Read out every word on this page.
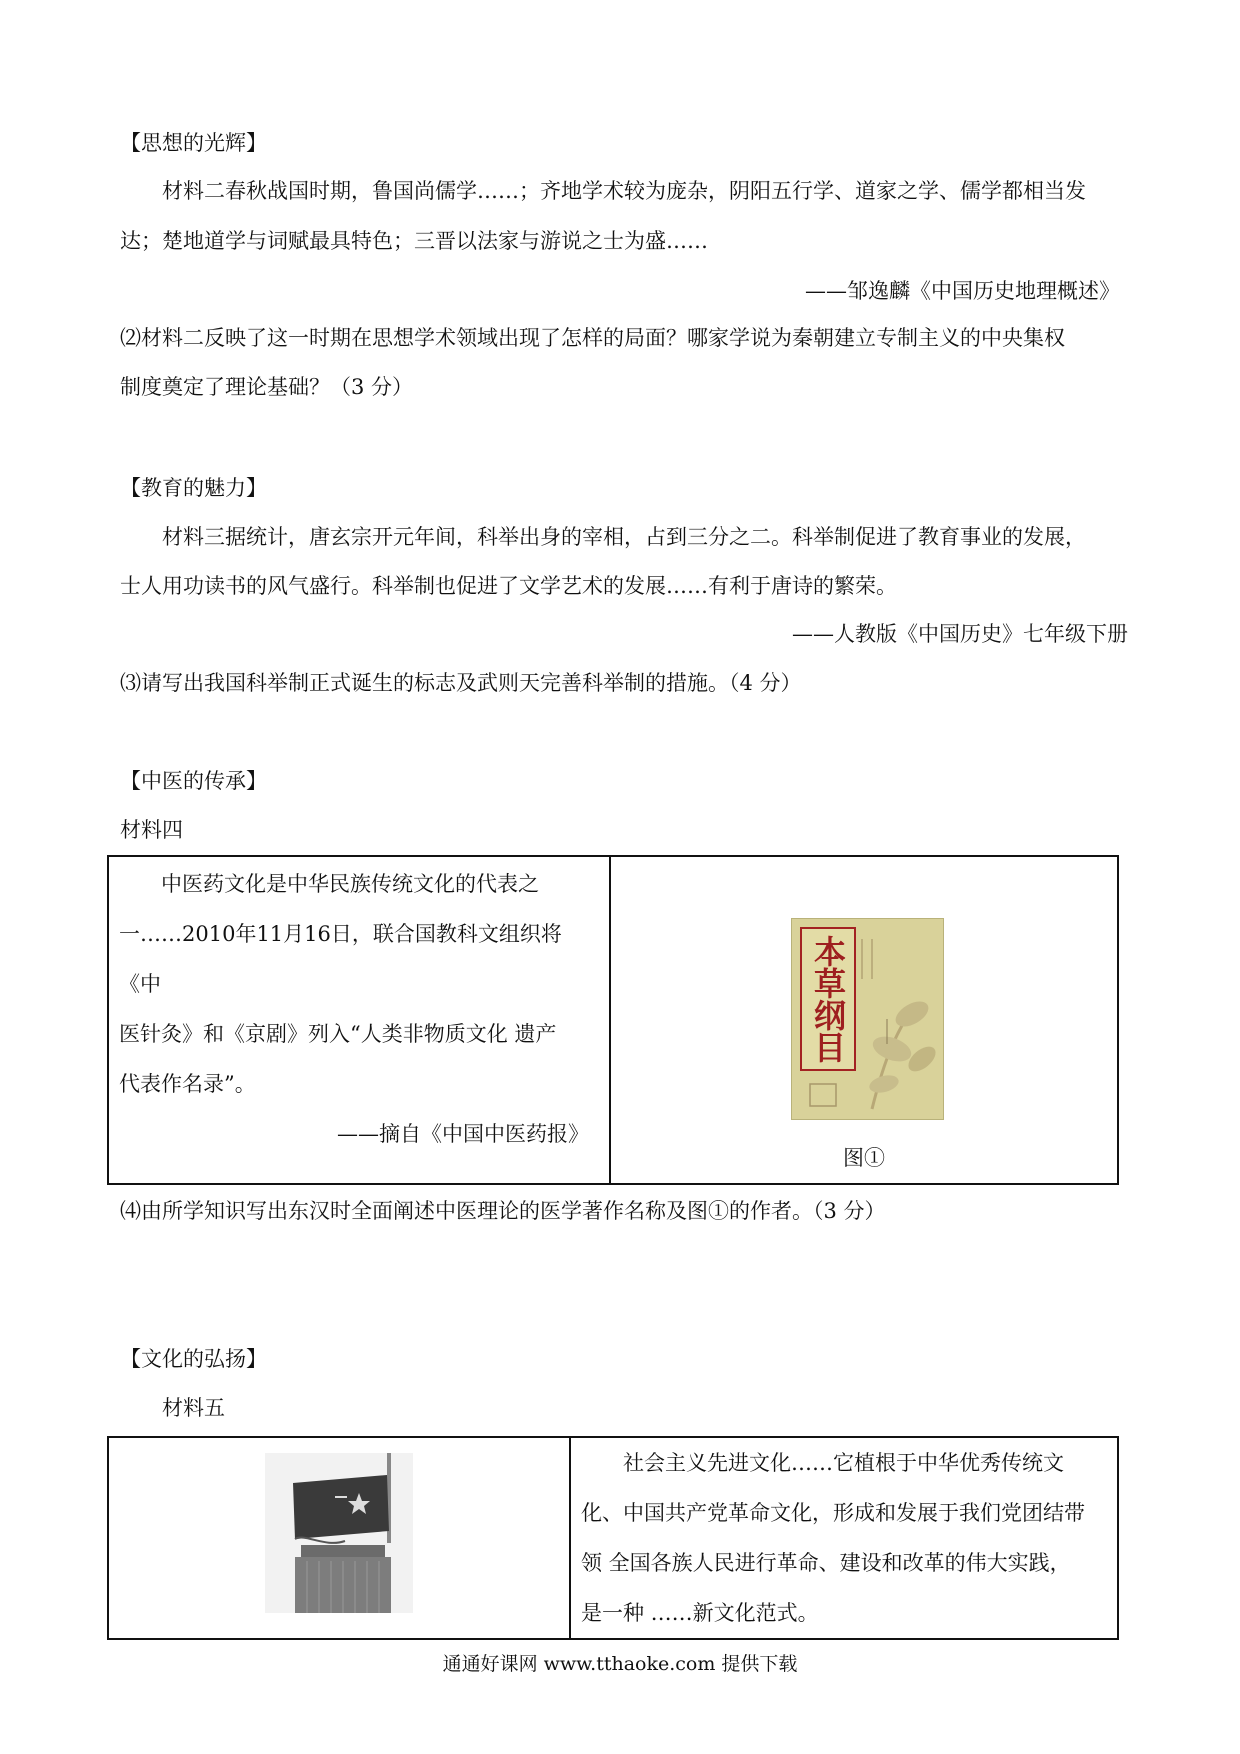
【思想的光辉】
材料二春秋战国时期，鲁国尚儒学……；齐地学术较为庞杂，阴阳五行学、道家之学、儒学都相当发
达；楚地道学与词赋最具特色；三晋以法家与游说之士为盛……
——邹逸麟《中国历史地理概述》
⑵材料二反映了这一时期在思想学术领域出现了怎样的局面？哪家学说为秦朝建立专制主义的中央集权
制度奠定了理论基础？（3 分）
【教育的魅力】
材料三据统计，唐玄宗开元年间，科举出身的宰相，占到三分之二。科举制促进了教育事业的发展，
士人用功读书的风气盛行。科举制也促进了文学艺术的发展……有利于唐诗的繁荣。
——人教版《中国历史》七年级下册
⑶请写出我国科举制正式诞生的标志及武则天完善科举制的措施。（4 分）
【中医的传承】
材料四
中医药文化是中华民族传统文化的代表之
一……2010年11月16日，联合国教科文组织将《中
医针灸》和《京剧》列入“人类非物质文化 遗产
代表作名录”。
——摘自《中国中医药报》

本草纲目
图①
⑷由所学知识写出东汉时全面阐述中医理论的医学著作名称及图①的作者。（3 分）
【文化的弘扬】
材料五

社会主义先进文化……它植根于中华优秀传统文
化、中国共产党革命文化，形成和发展于我们党团结带
领 全国各族人民进行革命、建设和改革的伟大实践，
是一种 ……新文化范式。
通通好课网 www.tthaoke.com 提供下载
